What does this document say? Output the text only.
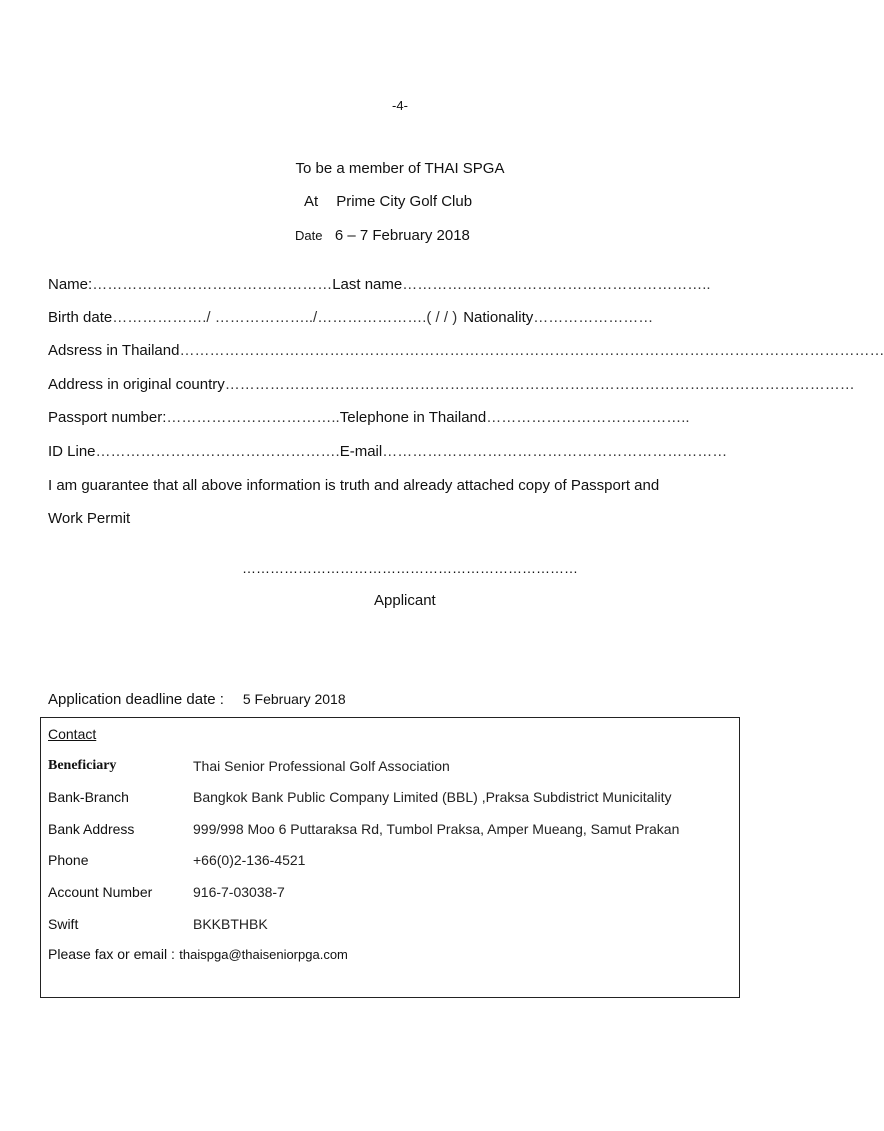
-4-
To be a member of THAI SPGA
At Prime City Golf Club
Date 6 – 7 February 2018
Name:…………………………………………Last name……………………………………………………..
Birth date………………./ ………………../………………….( / / ) Nationality……………………
Adsress in Thailand……………………………………………………………………………………………………………………………
Address in original country………………………………………………………………………………………………………………
Passport number:……………………………..Telephone in Thailand…………………………………..
ID Line………………………………………….E-mail……………………………………………………………
I am guarantee that all above information is truth and already attached copy of Passport and
Work Permit
………………………………………………………………
Applicant
Application deadline date : 5 February 2018
Contact
Beneficiary	Thai Senior Professional Golf Association
Bank-Branch	Bangkok Bank Public Company Limited (BBL) ,Praksa Subdistrict Municitality
Bank Address	999/998 Moo 6 Puttaraksa Rd, Tumbol Praksa, Amper Mueang, Samut Prakan
Phone	+66(0)2-136-4521
Account Number	916-7-03038-7
Swift	BKKBTHBK
Please fax or email : thaispga@thaiseniorpga.com
